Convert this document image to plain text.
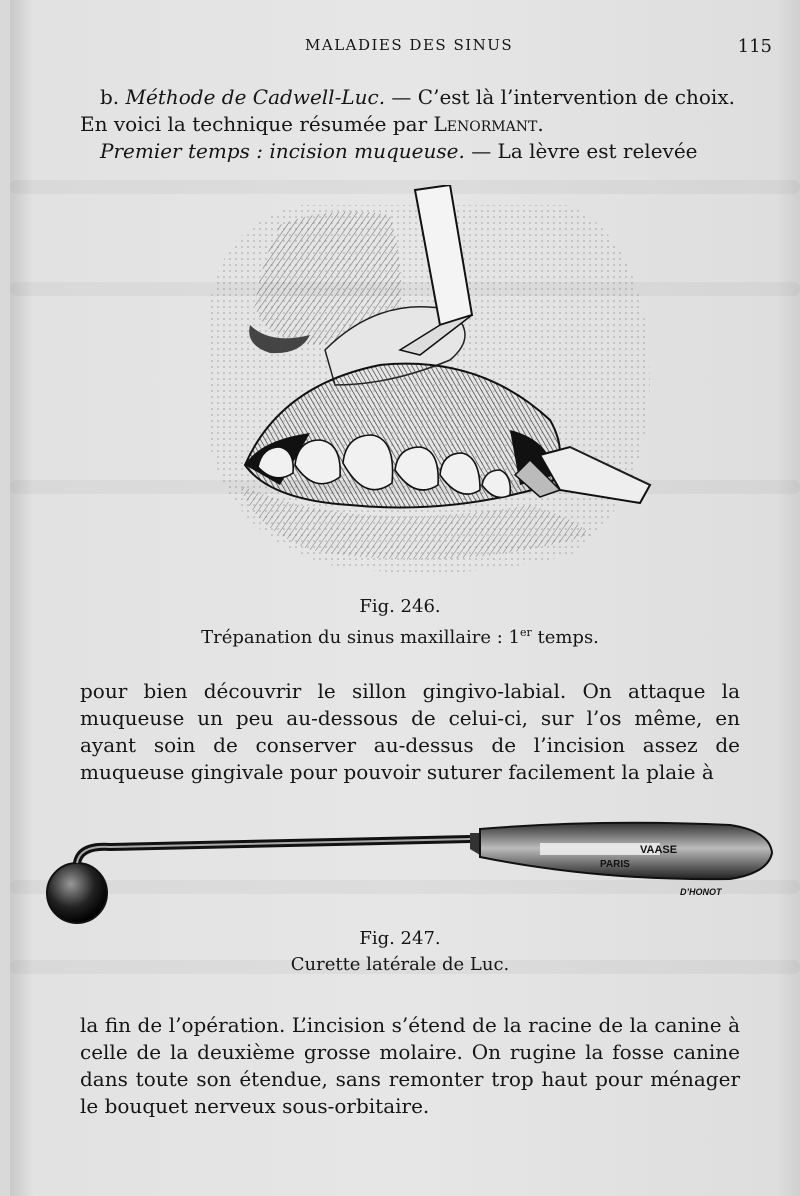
MALADIES DES SINUS	115

b. Méthode de Cadwell-Luc. — C’est là l’intervention de choix.

En voici la technique résumée par Lenormant.

Premier temps : incision muqueuse. — La lèvre est relevée

Fig. 246.
Trépanation du sinus maxillaire : 1er temps.

pour bien découvrir le sillon gingivo-labial. On attaque la muqueuse un peu au-dessous de celui-ci, sur l’os même, en ayant soin de conserver au-dessus de l’incision assez de muqueuse gingivale pour pouvoir suturer facilement la plaie à

VAASE
PARIS
D’HONOT
Fig. 247.
Curette latérale de Luc.

la fin de l’opération. L’incision s’étend de la racine de la canine à celle de la deuxième grosse molaire. On rugine la fosse canine dans toute son étendue, sans remonter trop haut pour ménager le bouquet nerveux sous-orbitaire.
